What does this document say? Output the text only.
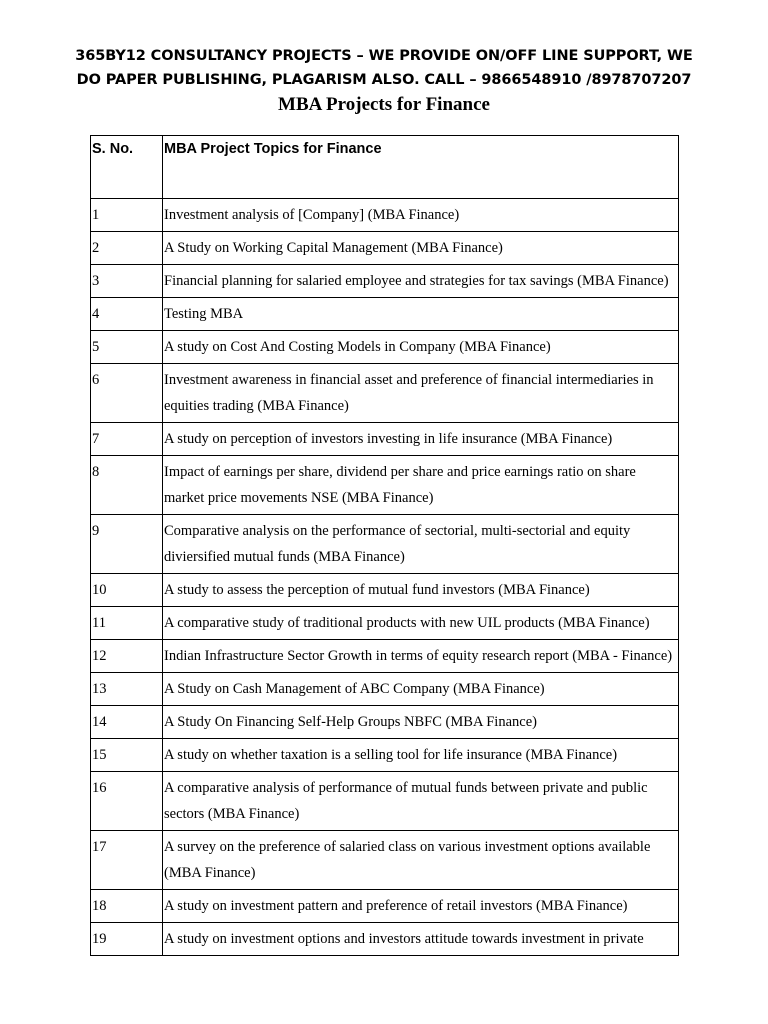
365BY12 CONSULTANCY PROJECTS – WE PROVIDE ON/OFF LINE SUPPORT, WE
DO PAPER PUBLISHING, PLAGARISM ALSO. CALL – 9866548910 /8978707207
MBA Projects for Finance
S. No.	MBA Project Topics for Finance
1	Investment analysis of [Company] (MBA Finance)
2	A Study on Working Capital Management (MBA Finance)
3	Financial planning for salaried employee and strategies for tax savings (MBA Finance)
4	Testing MBA
5	A study on Cost And Costing Models in Company (MBA Finance)
6	Investment awareness in financial asset and preference of financial intermediaries in equities trading (MBA Finance)
7	A study on perception of investors investing in life insurance (MBA Finance)
8	Impact of earnings per share, dividend per share and price earnings ratio on share market price movements NSE (MBA Finance)
9	Comparative analysis on the performance of sectorial, multi-sectorial and equity diviersified mutual funds (MBA Finance)
10	A study to assess the perception of mutual fund investors (MBA Finance)
11	A comparative study of traditional products with new UIL products (MBA Finance)
12	Indian Infrastructure Sector Growth in terms of equity research report (MBA - Finance)
13	A Study on Cash Management of ABC Company (MBA Finance)
14	A Study On Financing Self-Help Groups NBFC (MBA Finance)
15	A study on whether taxation is a selling tool for life insurance (MBA Finance)
16	A comparative analysis of performance of mutual funds between private and public sectors (MBA Finance)
17	A survey on the preference of salaried class on various investment options available (MBA Finance)
18	A study on investment pattern and preference of retail investors (MBA Finance)
19	A study on investment options and investors attitude towards investment in private
